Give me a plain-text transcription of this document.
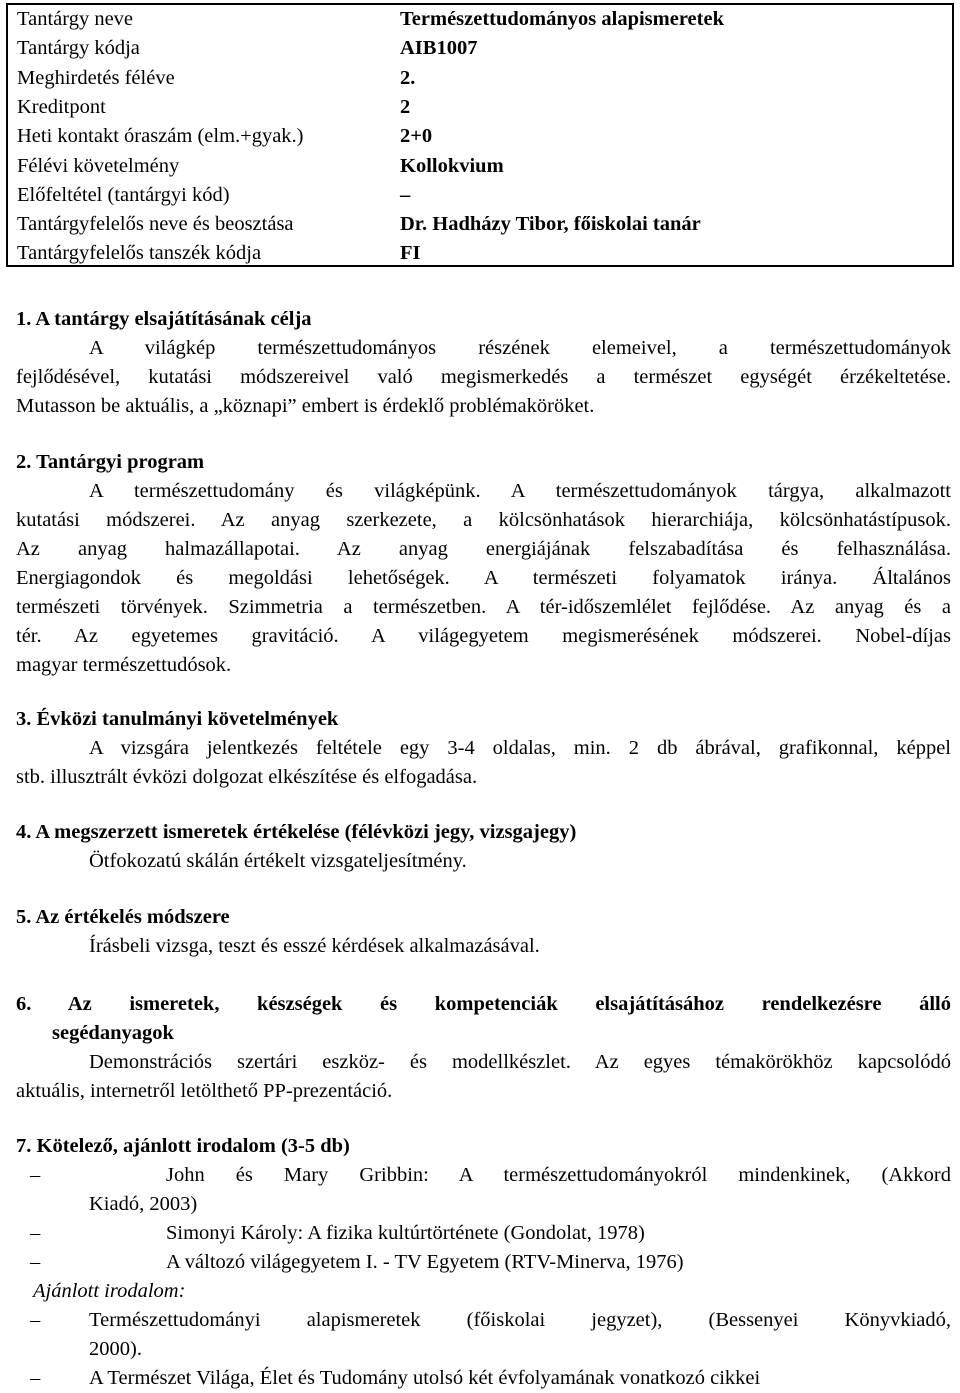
Tantárgy neve	Természettudományos alapismeretek
Tantárgy kódja	AIB1007
Meghirdetés féléve	2.
Kreditpont	2
Heti kontakt óraszám (elm.+gyak.)	2+0
Félévi követelmény	Kollokvium
Előfeltétel (tantárgyi kód)	–
Tantárgyfelelős neve és beosztása	Dr. Hadházy Tibor, főiskolai tanár
Tantárgyfelelős tanszék kódja	FI
1. A tantárgy elsajátításának célja
A világkép természettudományos részének elemeivel, a természettudományok
fejlődésével, kutatási módszereivel való megismerkedés a természet egységét érzékeltetése.
Mutasson be aktuális, a „köznapi” embert is érdeklő problémaköröket.
2. Tantárgyi program
A természettudomány és világképünk. A természettudományok tárgya, alkalmazott
kutatási módszerei. Az anyag szerkezete, a kölcsönhatások hierarchiája, kölcsönhatástípusok.
Az anyag halmazállapotai. Az anyag energiájának felszabadítása és felhasználása.
Energiagondok és megoldási lehetőségek. A természeti folyamatok iránya. Általános
természeti törvények. Szimmetria a természetben. A tér-időszemlélet fejlődése. Az anyag és a
tér. Az egyetemes gravitáció. A világegyetem megismerésének módszerei. Nobel-díjas
magyar természettudósok.
3. Évközi tanulmányi követelmények
A vizsgára jelentkezés feltétele egy 3-4 oldalas, min. 2 db ábrával, grafikonnal, képpel
stb. illusztrált évközi dolgozat elkészítése és elfogadása.
4. A megszerzett ismeretek értékelése (félévközi jegy, vizsgajegy)
Ötfokozatú skálán értékelt vizsgateljesítmény.
5. Az értékelés módszere
Írásbeli vizsga, teszt és esszé kérdések alkalmazásával.
6. Az ismeretek, készségek és kompetenciák elsajátításához rendelkezésre álló
segédanyagok
Demonstrációs szertári eszköz- és modellkészlet. Az egyes témakörökhöz kapcsolódó
aktuális, internetről letölthető PP-prezentáció.
7. Kötelező, ajánlott irodalom (3-5 db)
–	John és Mary Gribbin: A természettudományokról mindenkinek, (Akkord
Kiadó, 2003)
–	Simonyi Károly: A fizika kultúrtörténete (Gondolat, 1978)
–	A változó világegyetem I. - TV Egyetem (RTV-Minerva, 1976)
Ajánlott irodalom:
–	Természettudományi alapismeretek (főiskolai jegyzet), (Bessenyei Könyvkiadó,
2000).
–	A Természet Világa, Élet és Tudomány utolsó két évfolyamának vonatkozó cikkei
